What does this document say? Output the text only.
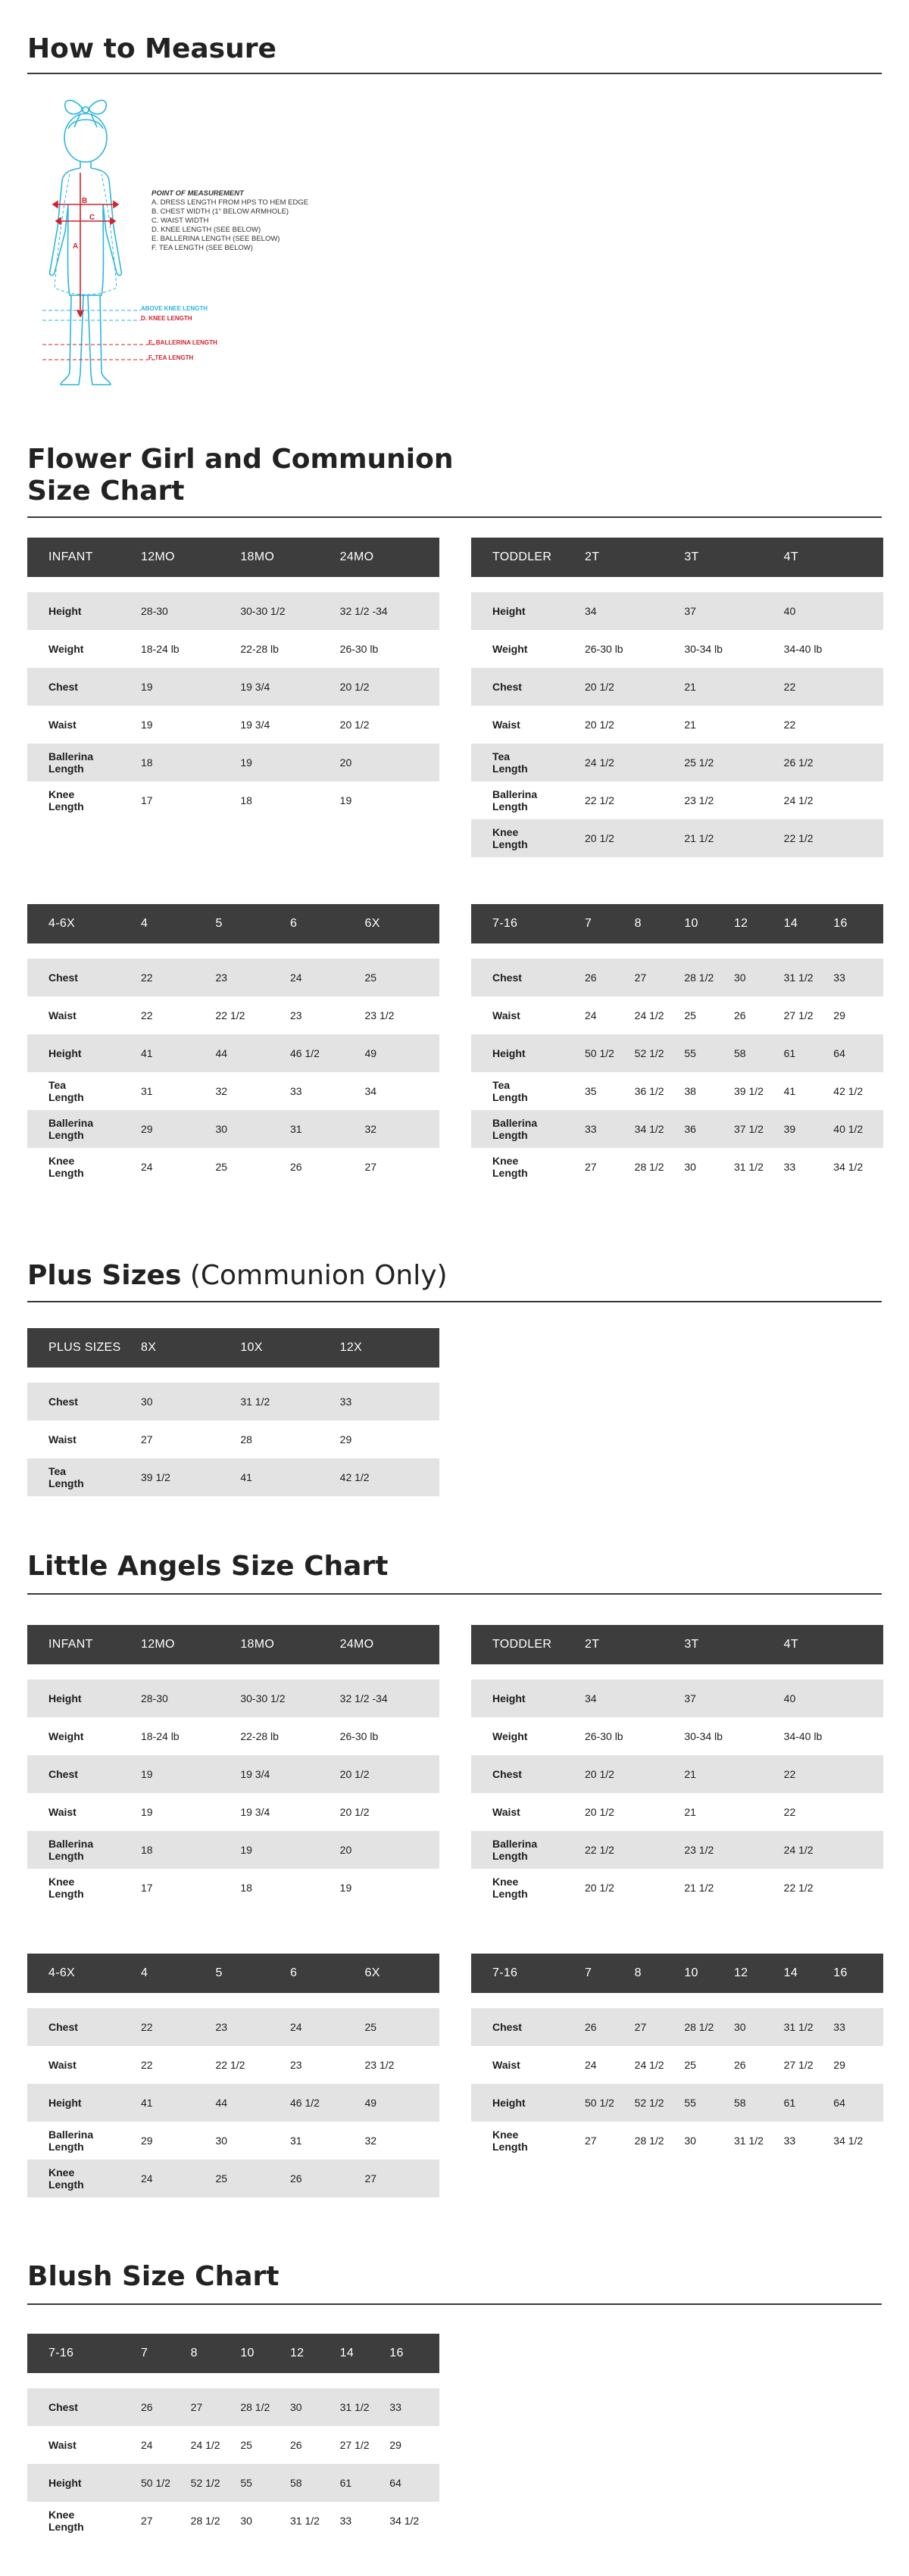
How to Measure
B
C
A
ABOVE KNEE LENGTH
D. KNEE LENGTH
E. BALLERINA LENGTH
F. TEA LENGTH
POINT OF MEASUREMENT
A. DRESS LENGTH FROM HPS TO HEM EDGE
B. CHEST WIDTH (1" BELOW ARMHOLE)
C. WAIST WIDTH
D. KNEE LENGTH (SEE BELOW)
E. BALLERINA LENGTH (SEE BELOW)
F. TEA LENGTH (SEE BELOW)
Flower Girl and Communion
Size Chart
INFANT	12MO	18MO	24MO

Height	28-30	30-30 1/2	32 1/2 -34
Weight	18-24 lb	22-28 lb	26-30 lb
Chest	19	19 3/4	20 1/2
Waist	19	19 3/4	20 1/2
Ballerina Length	18	19	20
Knee Length	17	18	19
TODDLER	2T	3T	4T

Height	34	37	40
Weight	26-30 lb	30-34 lb	34-40 lb
Chest	20 1/2	21	22
Waist	20 1/2	21	22
Tea Length	24 1/2	25 1/2	26 1/2
Ballerina Length	22 1/2	23 1/2	24 1/2
Knee Length	20 1/2	21 1/2	22 1/2
4-6X	4	5	6	6X

Chest	22	23	24	25
Waist	22	22 1/2	23	23 1/2
Height	41	44	46 1/2	49
Tea Length	31	32	33	34
Ballerina Length	29	30	31	32
Knee Length	24	25	26	27
7-16	7	8	10	12	14	16

Chest	26	27	28 1/2	30	31 1/2	33
Waist	24	24 1/2	25	26	27 1/2	29
Height	50 1/2	52 1/2	55	58	61	64
Tea Length	35	36 1/2	38	39 1/2	41	42 1/2
Ballerina Length	33	34 1/2	36	37 1/2	39	40 1/2
Knee Length	27	28 1/2	30	31 1/2	33	34 1/2
Plus Sizes (Communion Only)
PLUS SIZES	8X	10X	12X

Chest	30	31 1/2	33
Waist	27	28	29
Tea Length	39 1/2	41	42 1/2
Little Angels Size Chart
INFANT	12MO	18MO	24MO

Height	28-30	30-30 1/2	32 1/2 -34
Weight	18-24 lb	22-28 lb	26-30 lb
Chest	19	19 3/4	20 1/2
Waist	19	19 3/4	20 1/2
Ballerina Length	18	19	20
Knee Length	17	18	19
TODDLER	2T	3T	4T

Height	34	37	40
Weight	26-30 lb	30-34 lb	34-40 lb
Chest	20 1/2	21	22
Waist	20 1/2	21	22
Ballerina Length	22 1/2	23 1/2	24 1/2
Knee Length	20 1/2	21 1/2	22 1/2
4-6X	4	5	6	6X

Chest	22	23	24	25
Waist	22	22 1/2	23	23 1/2
Height	41	44	46 1/2	49
Ballerina Length	29	30	31	32
Knee Length	24	25	26	27
7-16	7	8	10	12	14	16

Chest	26	27	28 1/2	30	31 1/2	33
Waist	24	24 1/2	25	26	27 1/2	29
Height	50 1/2	52 1/2	55	58	61	64
Knee Length	27	28 1/2	30	31 1/2	33	34 1/2
Blush Size Chart
7-16	7	8	10	12	14	16

Chest	26	27	28 1/2	30	31 1/2	33
Waist	24	24 1/2	25	26	27 1/2	29
Height	50 1/2	52 1/2	55	58	61	64
Knee Length	27	28 1/2	30	31 1/2	33	34 1/2
